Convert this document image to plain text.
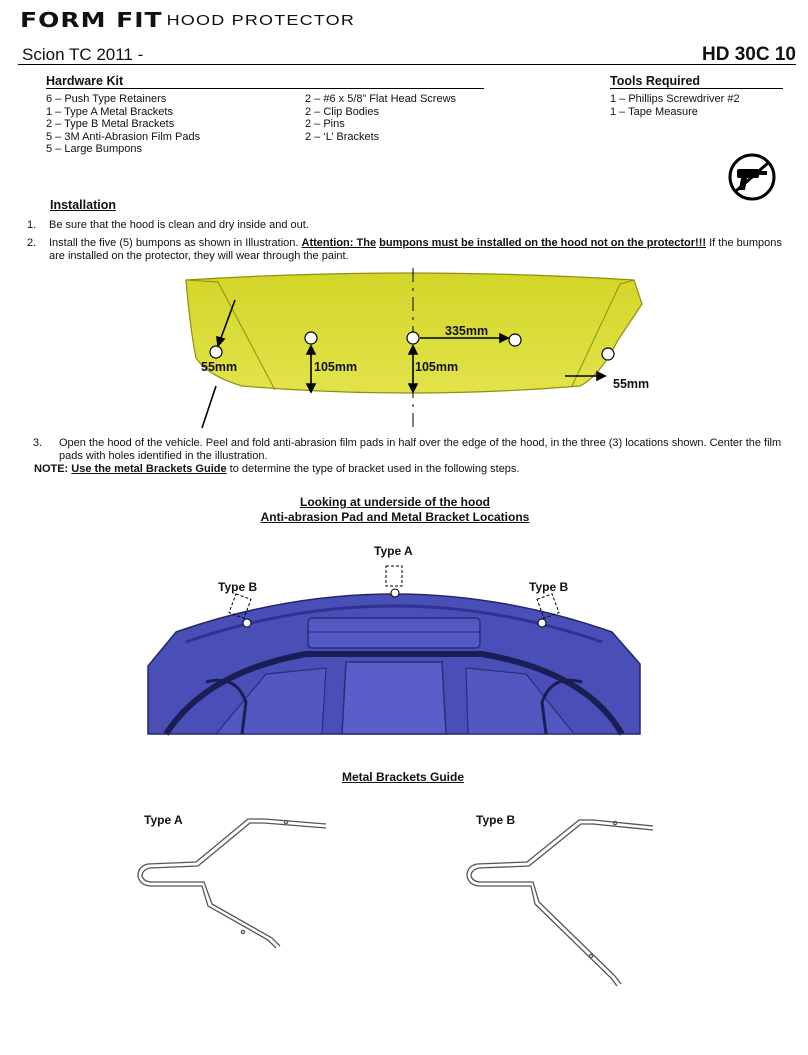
FORM FIT HOOD PROTECTOR
Scion TC 2011 -	HD 30C 10
Hardware Kit
6 – Push Type Retainers
1 – Type A Metal Brackets
2 – Type B Metal Brackets
5 – 3M Anti-Abrasion Film Pads
5 – Large Bumpons
2 – #6 x 5/8” Flat Head Screws
2 – Clip Bodies
2 – Pins
2 – ‘L’ Brackets
Tools Required
1 – Phillips Screwdriver #2
1 – Tape Measure
Installation
1. Be sure that the hood is clean and dry inside and out.
2. Install the five (5) bumpons as shown in Illustration. Attention: The bumpons must be installed on the hood not on the protector!!! If the bumpons
are installed on the protector, they will wear through the paint.
335mm
55mm	105mm	105mm
55mm
3. Open the hood of the vehicle. Peel and fold anti-abrasion film pads in half over the edge of the hood, in the three (3) locations shown. Center the film
pads with holes identified in the illustration.
NOTE: Use the metal Brackets Guide to determine the type of bracket used in the following steps.
Looking at underside of the hood
Anti-abrasion Pad and Metal Bracket Locations
Type A
Type B	Type B
Metal Brackets Guide
Type A	Type B
